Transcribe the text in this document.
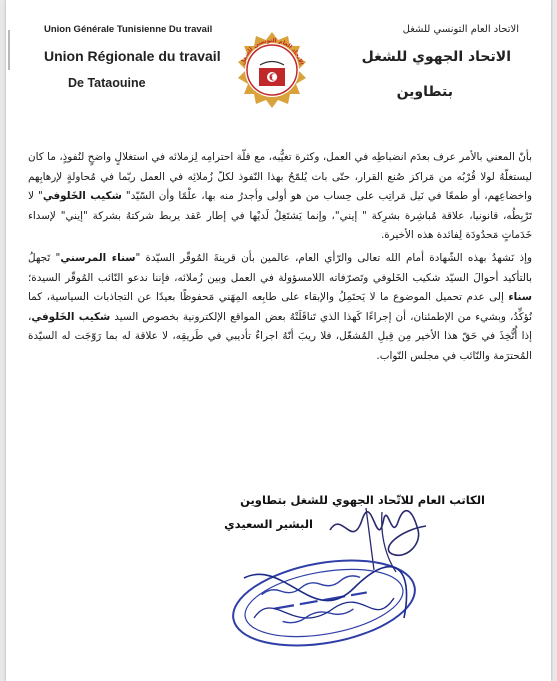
Union Générale Tunisienne Du travail
Union Régionale du travail
De Tataouine
الاتحاد العام التونسي للشغل
الاتحاد الجهوي للشغل
بتطاوين
الاتحاد العام التونسي للشغل

بأنّ المعني بالأمر عرف بعدَم انضباطِه في العمل، وكثرة تغيُّبه، مع قلّة احترامِه لِزملائه في استغلالٍ واضحٍ لنُفوذٍ، ما كان ليستغلّهُ لولا قُرْبُه من مَراكز صُنع القرار، حتّى بات يُلمّحُ بهذا النّفوذ لكلّ زُملائِه في العمل ربّما في مُحاولةٍ لإرهابِهم واخضاعِهم، أو طمعًا في نَيل مَراتِب على حِساب من هو أولى وأجدرُ منه بها، علْمًا وأن السّيّد" شكيب الخَلوفي" لا تَرْبِطُه، قانونيا، علاقة مُباشِرة بشرِكة " إيني"، وإنما يَشتَغِلُ لَديْها في إطار عَقد يربط شركتهُ بشركة "إيني" لإسداء خَدَماتٍ مَحدُودَة لِفائدة هذه الأخيرة.

وإذ نَشهدُ بهذه الشّهادة أمام الله تعالى والرّأي العام، عالمين بأن قرينةَ المُوقّر السيّدة "سناء المرسني" تَجهلُ بالتأكيد أحوالَ السيّد شكيب الخَلوفي وتَصرّفاته اللامسؤولة في العمل وبين زُملائه، فإننا ندعو النّائب المُوقّر السيدة؛ سناء إلى عدم تحميل الموضوع ما لا يَحتَمِلُ والإبقاء على طابِعه المِهَني مَحفوظًا بعيدًا عن التجاذبات السياسية، كما نُؤكِّدُ، وبشيء من الإطمئنان، أن إجراءًا كَهذا الذي تَناقَلَتْهُ بعض المواقع الإلكترونية بخصوص السيد شكيب الخَلوفي، إذا أُتُّخِذَ في حَقّ هذا الأخير مِن قِبلِ المُشغّل، فلا ريبَ أنّهُ اجراءٌ تأديبي في طَريقِه، لا علاقة له بما رَوّجَت له السيّدة المُحترَمة والنّائب في مجلس النّواب.

الكاتب العام للاتّحاد الجهوي للشغل بتطاوين
البشير السعيدي
